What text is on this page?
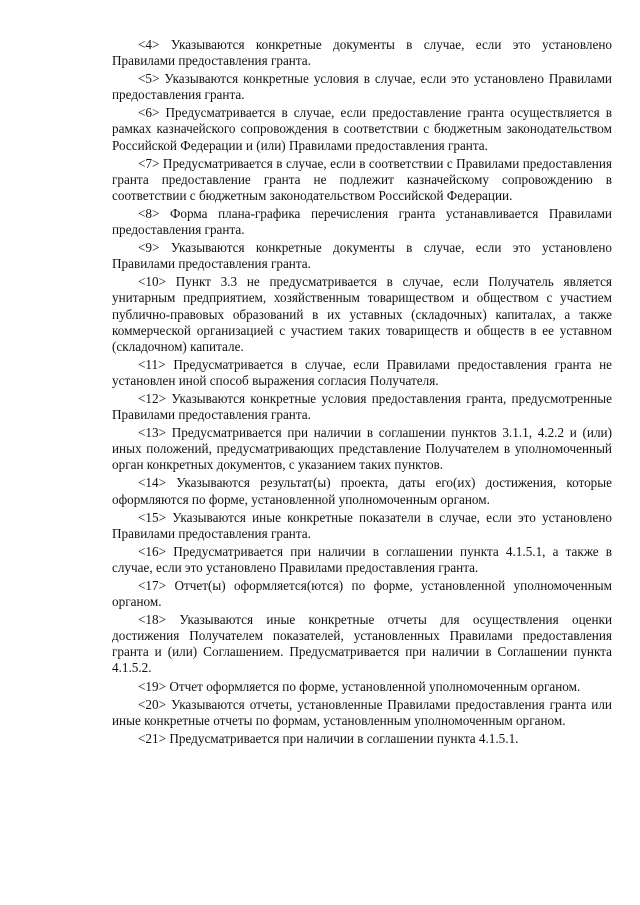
<4> Указываются конкретные документы в случае, если это установлено Правилами предоставления гранта.

<5> Указываются конкретные условия в случае, если это установлено Правилами предоставления гранта.

<6> Предусматривается в случае, если предоставление гранта осуществляется в рамках казначейского сопровождения в соответствии с бюджетным законодательством Российской Федерации и (или) Правилами предоставления гранта.

<7> Предусматривается в случае, если в соответствии с Правилами предоставления гранта предоставление гранта не подлежит казначейскому сопровождению в соответствии с бюджетным законодательством Российской Федерации.

<8> Форма плана-графика перечисления гранта устанавливается Правилами предоставления гранта.

<9> Указываются конкретные документы в случае, если это установлено Правилами предоставления гранта.

<10> Пункт 3.3 не предусматривается в случае, если Получатель является унитарным предприятием, хозяйственным товариществом и обществом с участием публично-правовых образований в их уставных (складочных) капиталах, а также коммерческой организацией с участием таких товариществ и обществ в ее уставном (складочном) капитале.

<11> Предусматривается в случае, если Правилами предоставления гранта не установлен иной способ выражения согласия Получателя.

<12> Указываются конкретные условия предоставления гранта, предусмотренные Правилами предоставления гранта.

<13> Предусматривается при наличии в соглашении пунктов 3.1.1, 4.2.2 и (или) иных положений, предусматривающих представление Получателем в уполномоченный орган конкретных документов, с указанием таких пунктов.

<14> Указываются результат(ы) проекта, даты его(их) достижения, которые оформляются по форме, установленной уполномоченным органом.

<15> Указываются иные конкретные показатели в случае, если это установлено Правилами предоставления гранта.

<16> Предусматривается при наличии в соглашении пункта 4.1.5.1, а также в случае, если это установлено Правилами предоставления гранта.

<17> Отчет(ы) оформляется(ются) по форме, установленной уполномоченным органом.

<18> Указываются иные конкретные отчеты для осуществления оценки достижения Получателем показателей, установленных Правилами предоставления гранта и (или) Соглашением. Предусматривается при наличии в Соглашении пункта 4.1.5.2.

<19> Отчет оформляется по форме, установленной уполномоченным органом.

<20> Указываются отчеты, установленные Правилами предоставления гранта или иные конкретные отчеты по формам, установленным уполномоченным органом.

<21> Предусматривается при наличии в соглашении пункта 4.1.5.1.
